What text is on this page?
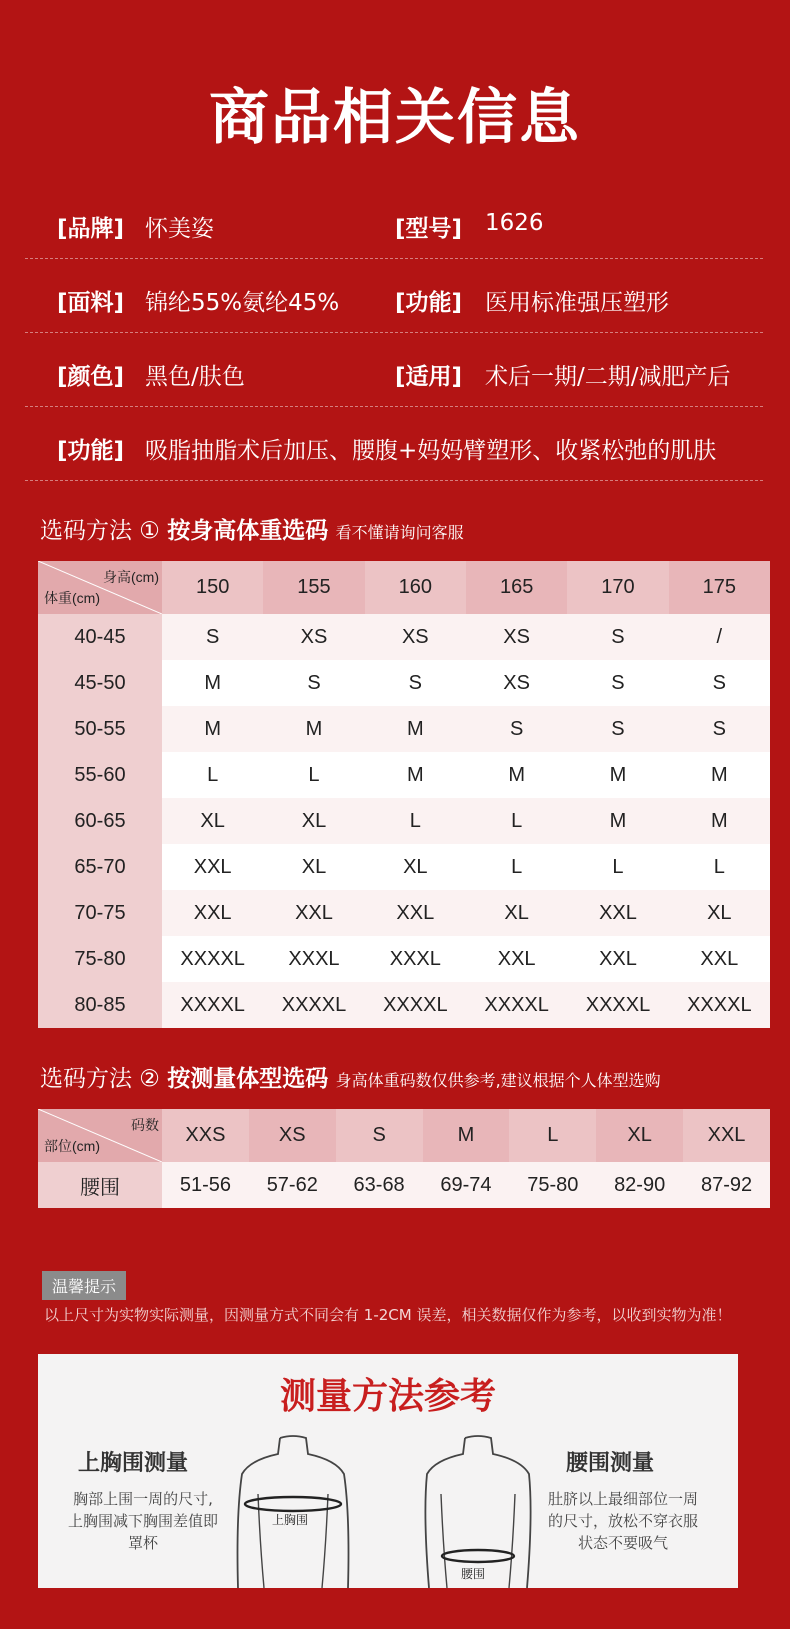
商品相关信息
[品牌] 怀美姿	[型号] 1626
[面料] 锦纶55%氨纶45% [功能] 医用标准强压塑形
[颜色] 黑色/肤色	[适用] 术后一期/二期/减肥产后
[功能] 吸脂抽脂术后加压、腰腹+妈妈臂塑形、收紧松弛的肌肤
选码方法 ① 按身高体重选码 看不懂请询问客服
身高(cm)
体重(cm)	150	155	160	165	170	175
40-45	S	XS	XS	XS	S	/
45-50	M	S	S	XS	S	S
50-55	M	M	M	S	S	S
55-60	L	L	M	M	M	M
60-65	XL	XL	L	L	M	M
65-70	XXL	XL	XL	L	L	L
70-75	XXL	XXL	XXL	XL	XXL	XL
75-80	XXXXL	XXXL	XXXL	XXL	XXL	XXL
80-85	XXXXL	XXXXL	XXXXL	XXXXL	XXXXL	XXXXL
选码方法 ② 按测量体型选码 身高体重码数仅供参考,建议根据个人体型选购
码数
部位(cm)	XXS	XS	S	M	L	XL	XXL
腰围	51-56	57-62	63-68	69-74	75-80	82-90	87-92
温馨提示
以上尺寸为实物实际测量，因测量方式不同会有 1-2CM 误差，相关数据仅作为参考，以收到实物为准！
测量方法参考
上胸围测量
胸部上围一周的尺寸,
上胸围减下胸围差值即
罩杯
上胸围
腰围
腰围测量
肚脐以上最细部位一周
的尺寸，放松不穿衣服
状态不要吸气
